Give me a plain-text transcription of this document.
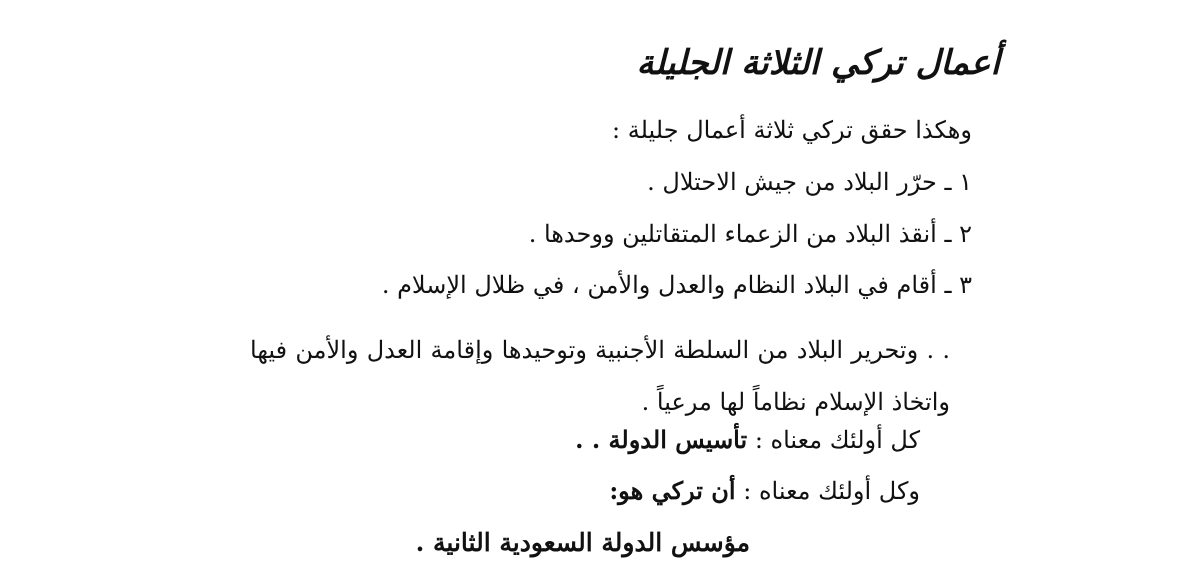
أعمال تركي الثلاثة الجليلة
وهكذا حقق تركي ثلاثة أعمال جليلة :
١ ـ حرّر البلاد من جيش الاحتلال .
٢ ـ أنقذ البلاد من الزعماء المتقاتلين ووحدها .
٣ ـ أقام في البلاد النظام والعدل والأمن ، في ظلال الإسلام .
. . وتحرير البلاد من السلطة الأجنبية وتوحيدها وإقامة العدل والأمن فيها واتخاذ الإسلام نظاماً لها مرعياً .
كل أولئك معناه : تأسيس الدولة . .
وكل أولئك معناه : أن تركي هو:
مؤسس الدولة السعودية الثانية .
